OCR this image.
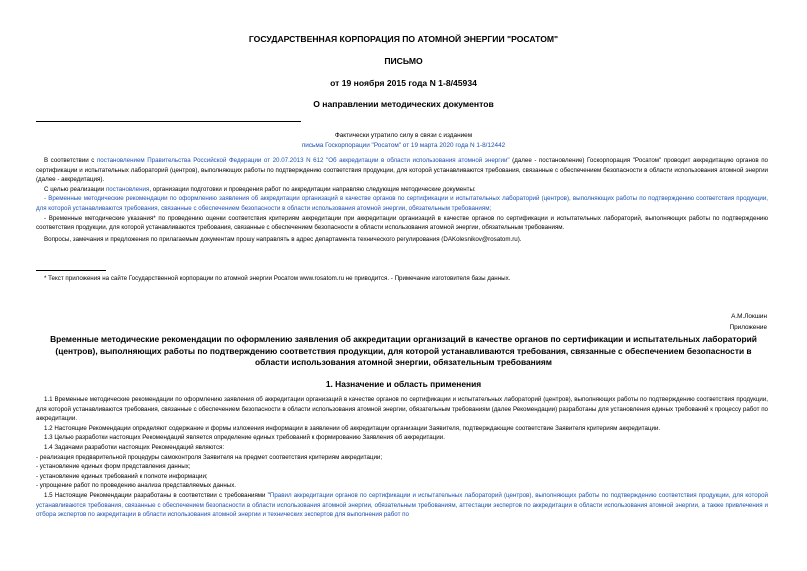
ГОСУДАРСТВЕННАЯ КОРПОРАЦИЯ ПО АТОМНОЙ ЭНЕРГИИ "РОСАТОМ"
ПИСЬМО
от 19 ноября 2015 года N 1-8/45934
О направлении методических документов
Фактически утратило силу в связи с изданием
письма Госкорпорации "Росатом" от 19 марта 2020 года N 1-8/12442

В соответствии с постановлением Правительства Российской Федерации от 20.07.2013 N 612 "Об аккредитации в области использования атомной энергии" (далее - постановление) Госкорпорация "Росатом" проводит аккредитацию органов по сертификации и испытательных лабораторий (центров), выполняющих работы по подтверждению соответствия продукции, для которой устанавливаются требования, связанные с обеспечением безопасности в области использования атомной энергии (далее - аккредитация).

С целью реализации постановления, организации подготовки и проведения работ по аккредитации направляю следующие методические документы:

- Временные методические рекомендации по оформлению заявления об аккредитации организаций в качестве органов по сертификации и испытательных лабораторий (центров), выполняющих работы по подтверждению соответствия продукции, для которой устанавливаются требования, связанные с обеспечением безопасности в области использования атомной энергии, обязательным требованиям;

- Временные методические указания* по проведению оценки соответствия критериям аккредитации при аккредитации организаций в качестве органов по сертификации и испытательных лабораторий, выполняющих работы по подтверждению соответствия продукции, для которой устанавливаются требования, связанные с обеспечением безопасности в области использования атомной энергии, обязательным требованиям.

Вопросы, замечания и предложения по прилагаемым документам прошу направлять в адрес департамента технического регулирования (DAKolesnikov@rosatom.ru).

* Текст приложения на сайте Государственной корпорации по атомной энергии Росатом www.rosatom.ru не приводится. - Примечание изготовителя базы данных.
А.М.Локшин
Приложение
Временные методические рекомендации по оформлению заявления об аккредитации организаций в качестве органов по сертификации и испытательных лабораторий (центров), выполняющих работы по подтверждению соответствия продукции, для которой устанавливаются требования, связанные с обеспечением безопасности в области использования атомной энергии, обязательным требованиям
1. Назначение и область применения

1.1 Временные методические рекомендации по оформлению заявления об аккредитации организаций в качестве органов по сертификации и испытательных лабораторий (центров), выполняющих работы по подтверждению соответствия продукции, для которой устанавливаются требования, связанные с обеспечением безопасности в области использования атомной энергии, обязательным требованиям (далее Рекомендации) разработаны для установления единых требований к процессу работ по аккредитации.

1.2 Настоящие Рекомендации определяют содержание и формы изложения информации в заявлении об аккредитации организации Заявителя, подтверждающие соответствие Заявителя критериям аккредитации.

1.3 Целью разработки настоящих Рекомендаций является определение единых требований к формированию Заявления об аккредитации.

1.4 Задачами разработки настоящих Рекомендаций являются:

- реализация предварительной процедуры самоконтроля Заявителя на предмет соответствия критериям аккредитации;

- установление единых форм представления данных;

- установление единых требований к полноте информации;

- упрощение работ по проведению анализа представляемых данных.

1.5 Настоящие Рекомендации разработаны в соответствии с требованиями "Правил аккредитации органов по сертификации и испытательных лабораторий (центров), выполняющих работы по подтверждению соответствия продукции, для которой устанавливаются требования, связанные с обеспечением безопасности в области использования атомной энергии, обязательным требованиям, аттестации экспертов по аккредитации в области использования атомной энергии, а также привлечения и отбора экспертов по аккредитации в области использования атомной энергии и технических экспертов для выполнения работ по
